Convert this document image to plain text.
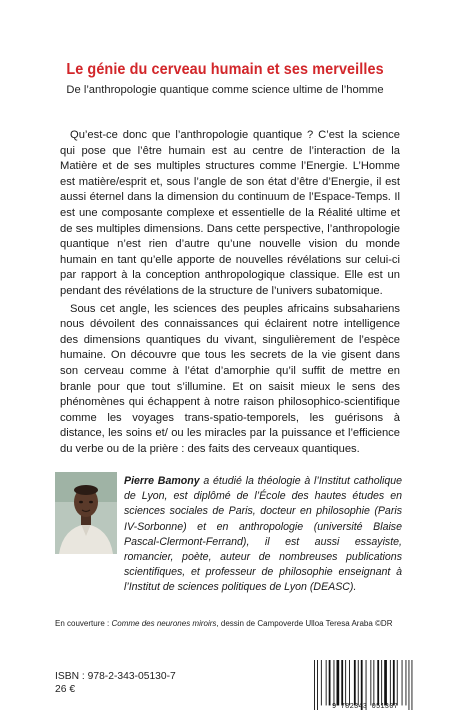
Le génie du cerveau humain et ses merveilles
De l’anthropologie quantique comme science ultime de l’homme

Qu’est-ce donc que l’anthropologie quantique ? C’est la science qui pose que l’être humain est au centre de l’interaction de la Matière et de ses multiples structures comme l’Energie. L’Homme est matière/esprit et, sous l’angle de son état d’être d’Energie, il est aussi éternel dans la dimension du continuum de l’Espace-Temps. Il est une composante complexe et essentielle de la Réalité ultime et de ses multiples dimensions. Dans cette perspective, l’anthropologie quantique n’est rien d’autre qu’une nouvelle vision du monde humain en tant qu’elle apporte de nouvelles révélations sur celui-ci par rapport à la conception anthropologique classique. Elle est un pendant des révélations de la structure de l’univers subatomique.

Sous cet angle, les sciences des peuples africains subsahariens nous dévoilent des connaissances qui éclairent notre intelligence des dimensions quantiques du vivant, singulièrement de l’espèce humaine. On découvre que tous les secrets de la vie gisent dans son cerveau comme à l’état d’amorphie qu’il suffit de mettre en branle pour que tout s’illumine. Et on saisit mieux le sens des phénomènes qui échappent à notre raison philosophico-scientifique comme les voyages trans-spatio-temporels, les guérisons à distance, les soins et/ ou les miracles par la puissance et l’efficience du verbe ou de la prière : des faits des cerveaux quantiques.

Pierre Bamony a étudié la théologie à l’Institut catholique de Lyon, est diplômé de l’École des hautes études en sciences sociales de Paris, docteur en philosophie (Paris IV-Sorbonne) et en anthropologie (université Blaise Pascal-Clermont-Ferrand), il est aussi essayiste, romancier, poète, auteur de nombreuses publications scientifiques, et professeur de philosophie enseignant à l’Institut de sciences politiques de Lyon (DEASC).
En couverture : Comme des neurones miroirs, dessin de Campoverde Ulloa Teresa Araba ©DR
ISBN : 978-2-343-05130-7
26 €
9 782343 051307
